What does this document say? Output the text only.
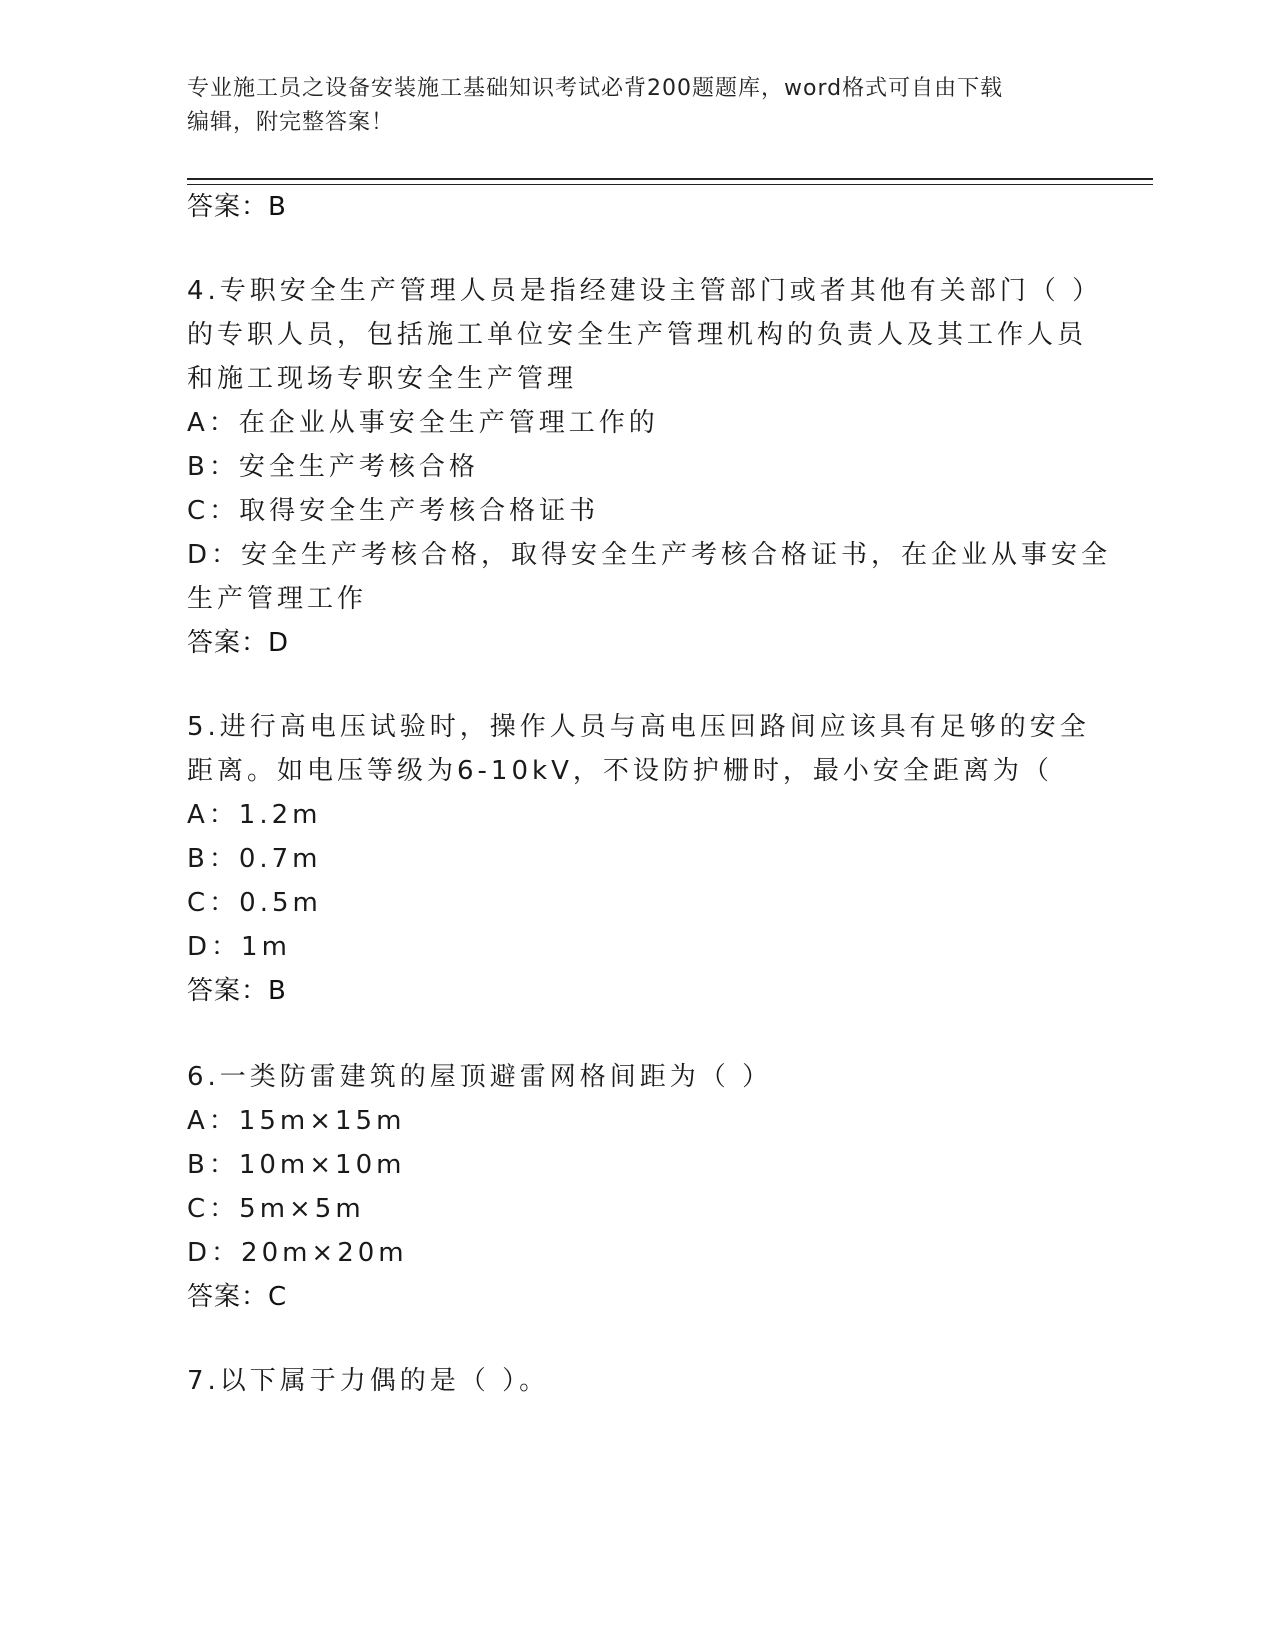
专业施工员之设备安装施工基础知识考试必背200题题库，word格式可自由下载
编辑，附完整答案！
答案：B
4.专职安全生产管理人员是指经建设主管部门或者其他有关部门（ ）
的专职人员，包括施工单位安全生产管理机构的负责人及其工作人员
和施工现场专职安全生产管理
A：在企业从事安全生产管理工作的
B：安全生产考核合格
C：取得安全生产考核合格证书
D：安全生产考核合格，取得安全生产考核合格证书，在企业从事安全
生产管理工作
答案：D
5.进行高电压试验时，操作人员与高电压回路间应该具有足够的安全
距离。如电压等级为6-10kV，不设防护栅时，最小安全距离为（
A：1.2m
B：0.7m
C：0.5m
D：1m
答案：B
6.一类防雷建筑的屋顶避雷网格间距为（ ）
A：15m×15m
B：10m×10m
C：5m×5m
D：20m×20m
答案：C
7.以下属于力偶的是（ ）。
